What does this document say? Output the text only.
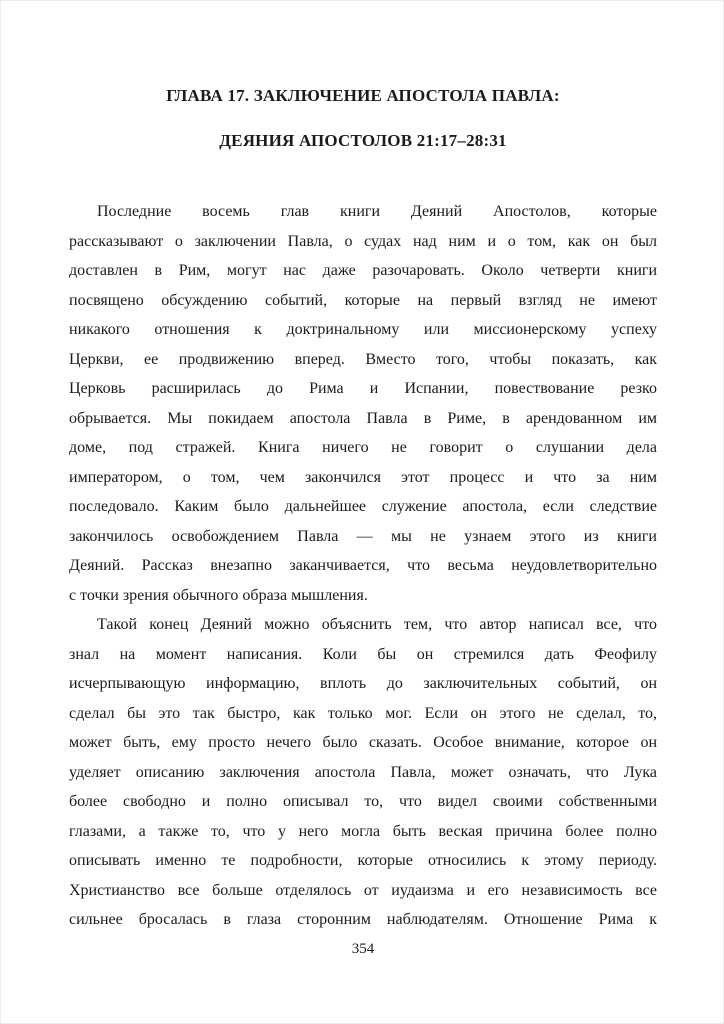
ГЛАВА 17. ЗАКЛЮЧЕНИЕ АПОСТОЛА ПАВЛА:
ДЕЯНИЯ АПОСТОЛОВ 21:17–28:31
Последние восемь глав книги Деяний Апостолов, которые
рассказывают о заключении Павла, о судах над ним и о том, как он был
доставлен в Рим, могут нас даже разочаровать. Около четверти книги
посвящено обсуждению событий, которые на первый взгляд не имеют
никакого отношения к доктринальному или миссионерскому успеху
Церкви, ее продвижению вперед. Вместо того, чтобы показать, как
Церковь расширилась до Рима и Испании, повествование резко
обрывается. Мы покидаем апостола Павла в Риме, в арендованном им
доме, под стражей. Книга ничего не говорит о слушании дела
императором, о том, чем закончился этот процесс и что за ним
последовало. Каким было дальнейшее служение апостола, если следствие
закончилось освобождением Павла — мы не узнаем этого из книги
Деяний. Рассказ внезапно заканчивается, что весьма неудовлетворительно
с точки зрения обычного образа мышления.
Такой конец Деяний можно объяснить тем, что автор написал все, что
знал на момент написания. Коли бы он стремился дать Феофилу
исчерпывающую информацию, вплоть до заключительных событий, он
сделал бы это так быстро, как только мог. Если он этого не сделал, то,
может быть, ему просто нечего было сказать. Особое внимание, которое он
уделяет описанию заключения апостола Павла, может означать, что Лука
более свободно и полно описывал то, что видел своими собственными
глазами, а также то, что у него могла быть веская причина более полно
описывать именно те подробности, которые относились к этому периоду.
Христианство все больше отделялось от иудаизма и его независимость все
сильнее бросалась в глаза сторонним наблюдателям. Отношение Рима к
354
